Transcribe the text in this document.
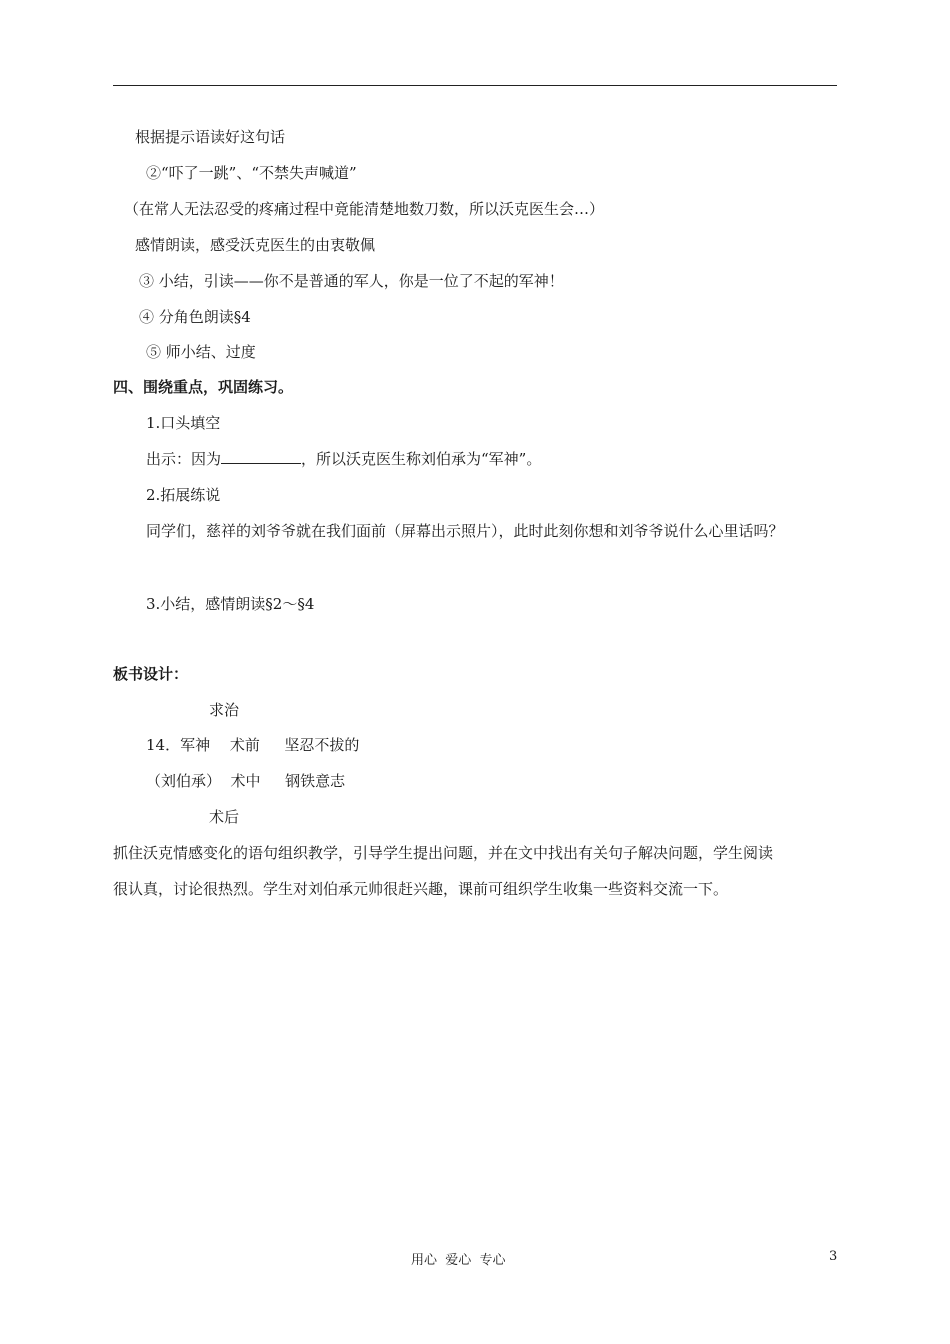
根据提示语读好这句话
②“吓了一跳”、“不禁失声喊道”
（在常人无法忍受的疼痛过程中竟能清楚地数刀数，所以沃克医生会…）
感情朗读，感受沃克医生的由衷敬佩
③ 小结，引读——你不是普通的军人，你是一位了不起的军神！
④ 分角色朗读§4
⑤ 师小结、过度
四、围绕重点，巩固练习。
1.口头填空
出示：因为	，所以沃克医生称刘伯承为“军神”。
2.拓展练说
同学们，慈祥的刘爷爷就在我们面前（屏幕出示照片），此时此刻你想和刘爷爷说什么心里话吗？
3.小结，感情朗读§2～§4
板书设计：
求治
14．军神　 术前　  坚忍不拔的
（刘伯承）  术中　  钢铁意志
术后
抓住沃克情感变化的语句组织教学，引导学生提出问题，并在文中找出有关句子解决问题，学生阅读
很认真，讨论很热烈。学生对刘伯承元帅很赶兴趣，课前可组织学生收集一些资料交流一下。
用心  爱心  专心	3
